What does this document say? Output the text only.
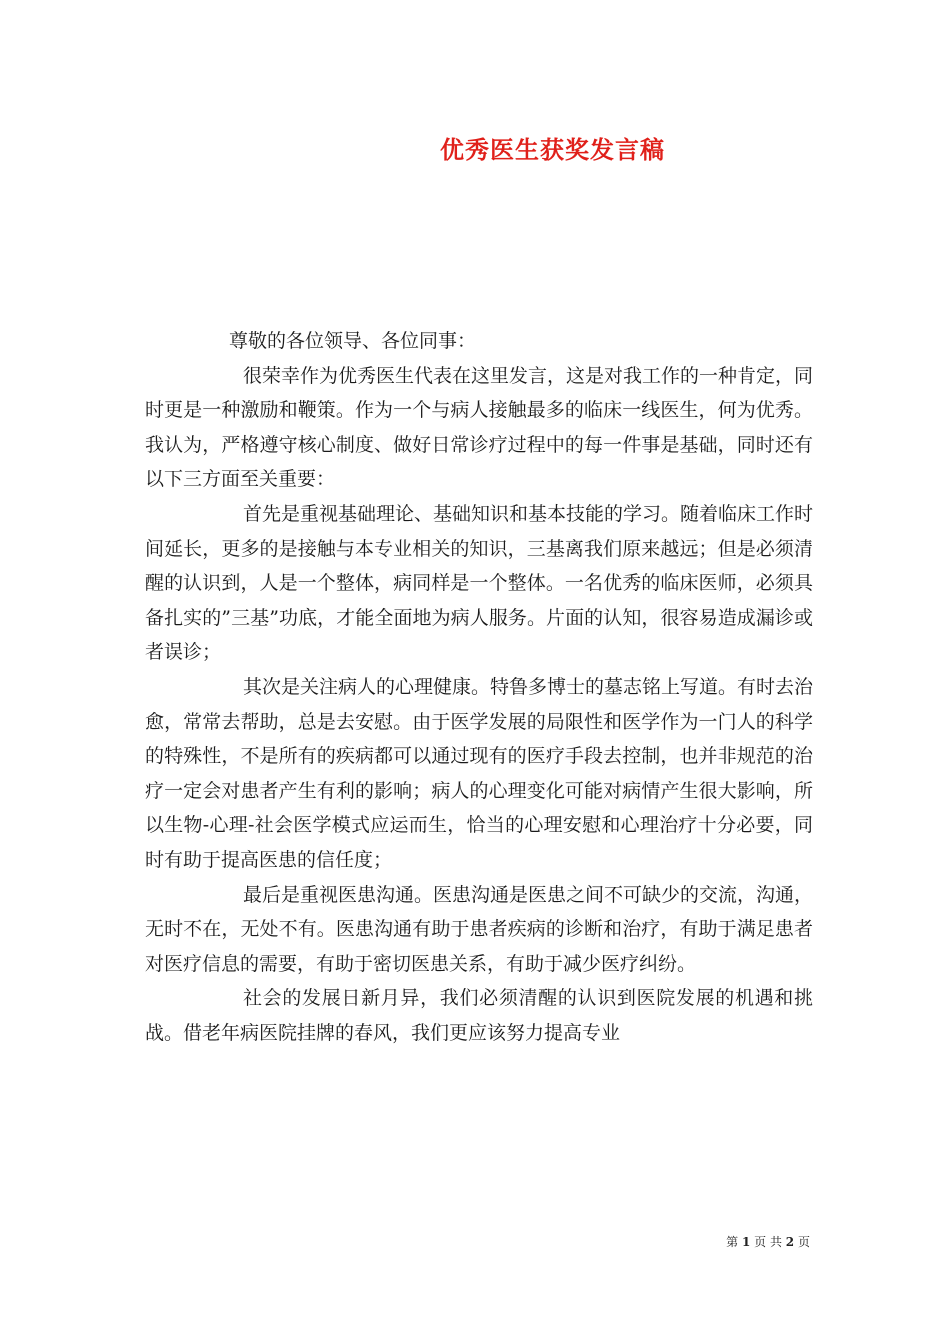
优秀医生获奖发言稿

尊敬的各位领导、各位同事：

很荣幸作为优秀医生代表在这里发言，这是对我工作的一种肯定，同时更是一种激励和鞭策。作为一个与病人接触最多的临床一线医生，何为优秀。我认为，严格遵守核心制度、做好日常诊疗过程中的每一件事是基础，同时还有以下三方面至关重要：

首先是重视基础理论、基础知识和基本技能的学习。随着临床工作时间延长，更多的是接触与本专业相关的知识，三基离我们原来越远；但是必须清醒的认识到，人是一个整体，病同样是一个整体。一名优秀的临床医师，必须具备扎实的”三基”功底，才能全面地为病人服务。片面的认知，很容易造成漏诊或者误诊；

其次是关注病人的心理健康。特鲁多博士的墓志铭上写道。有时去治愈，常常去帮助，总是去安慰。由于医学发展的局限性和医学作为一门人的科学的特殊性，不是所有的疾病都可以通过现有的医疗手段去控制，也并非规范的治疗一定会对患者产生有利的影响；病人的心理变化可能对病情产生很大影响，所以生物-心理-社会医学模式应运而生，恰当的心理安慰和心理治疗十分必要，同时有助于提高医患的信任度；

最后是重视医患沟通。医患沟通是医患之间不可缺少的交流，沟通，无时不在，无处不有。医患沟通有助于患者疾病的诊断和治疗，有助于满足患者对医疗信息的需要，有助于密切医患关系，有助于减少医疗纠纷。

社会的发展日新月异，我们必须清醒的认识到医院发展的机遇和挑战。借老年病医院挂牌的春风，我们更应该努力提高专业

第 1 页 共 2 页
